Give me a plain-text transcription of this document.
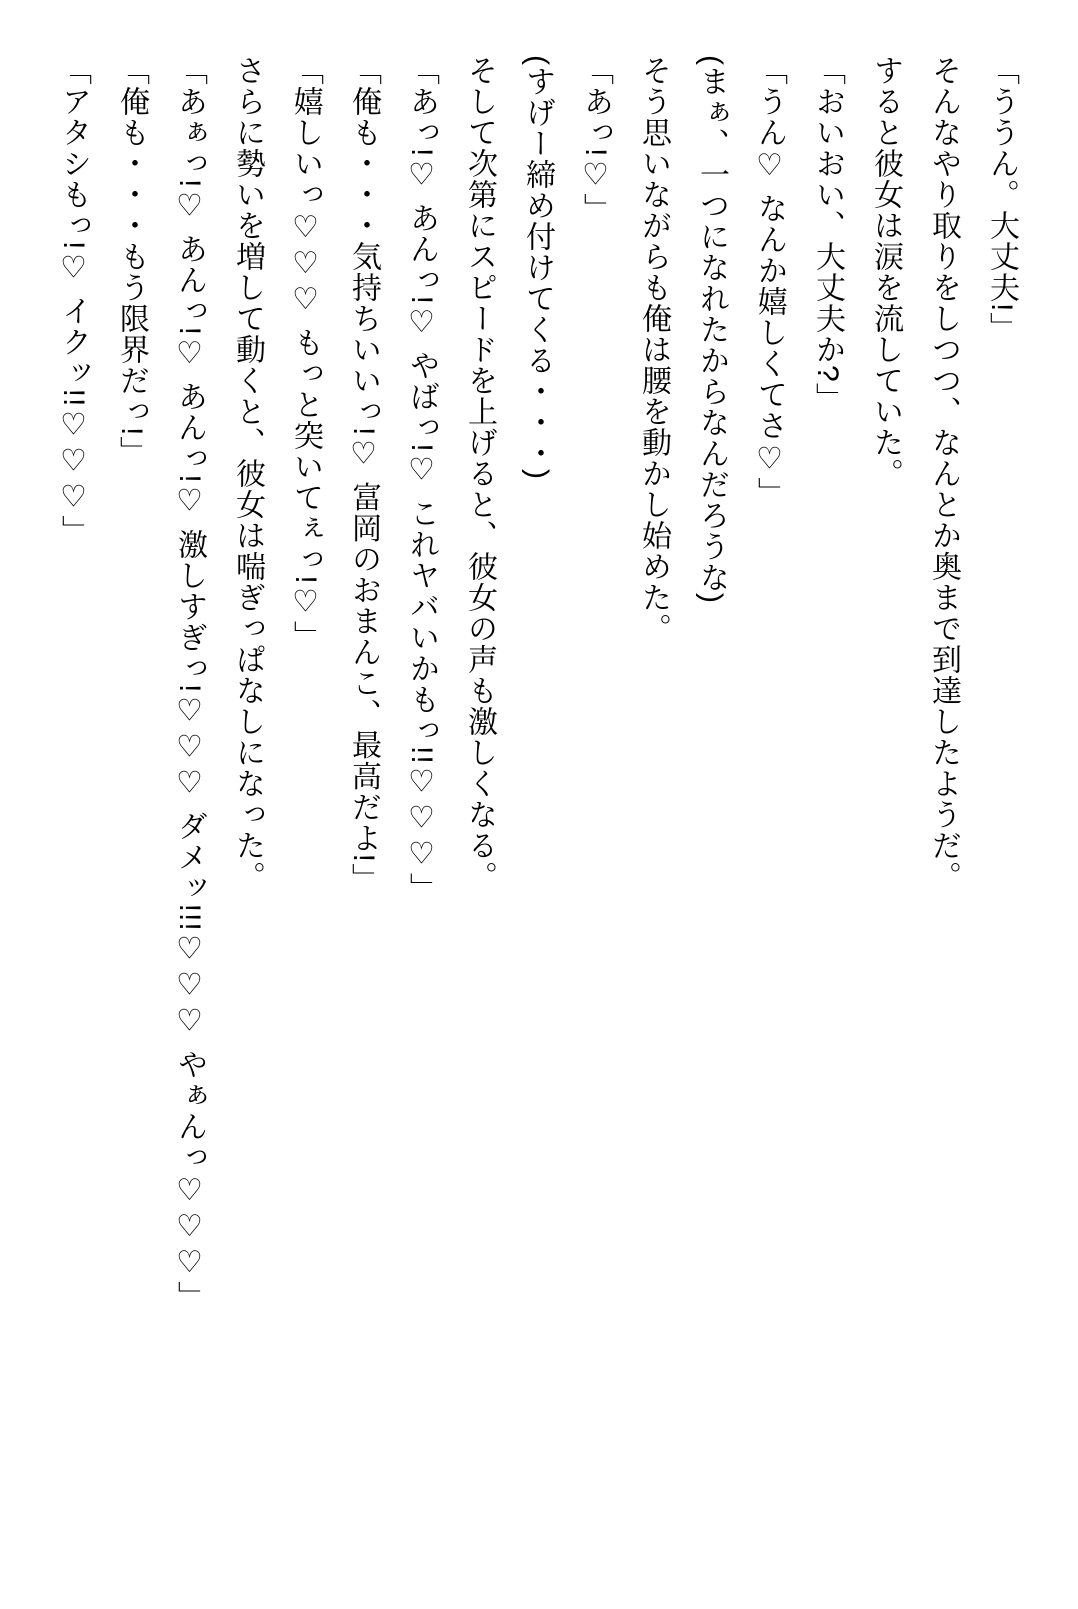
「ううん。大丈夫!」

そんなやり取りをしつつ、なんとか奥まで到達したようだ。

すると彼女は涙を流していた。

「おいおい、大丈夫か?」

「うん♡ なんか嬉しくてさ♡」

(まぁ、一つになれたからなんだろうな)

そう思いながらも俺は腰を動かし始めた。

「あっ!♡」

(すげー締め付けてくる・・・)

そして次第にスピードを上げると、彼女の声も激しくなる。

「あっ!♡ あんっ!♡ やばっ!♡ これヤバいかもっ!!♡♡♡」

「俺も・・・気持ちいいっ!♡ 富岡のおまんこ、最高だよ!」

「嬉しいっ♡♡♡ もっと突いてぇっ!♡」

さらに勢いを増して動くと、彼女は喘ぎっぱなしになった。

「あぁっ!♡ あんっ!♡ あんっ!♡ 激しすぎっ!♡♡♡ ダメッ!!!♡♡♡ やぁんっ♡♡♡」

「俺も・・・もう限界だっ!」

「アタシもっ!♡ イクッ!!♡♡♡」
